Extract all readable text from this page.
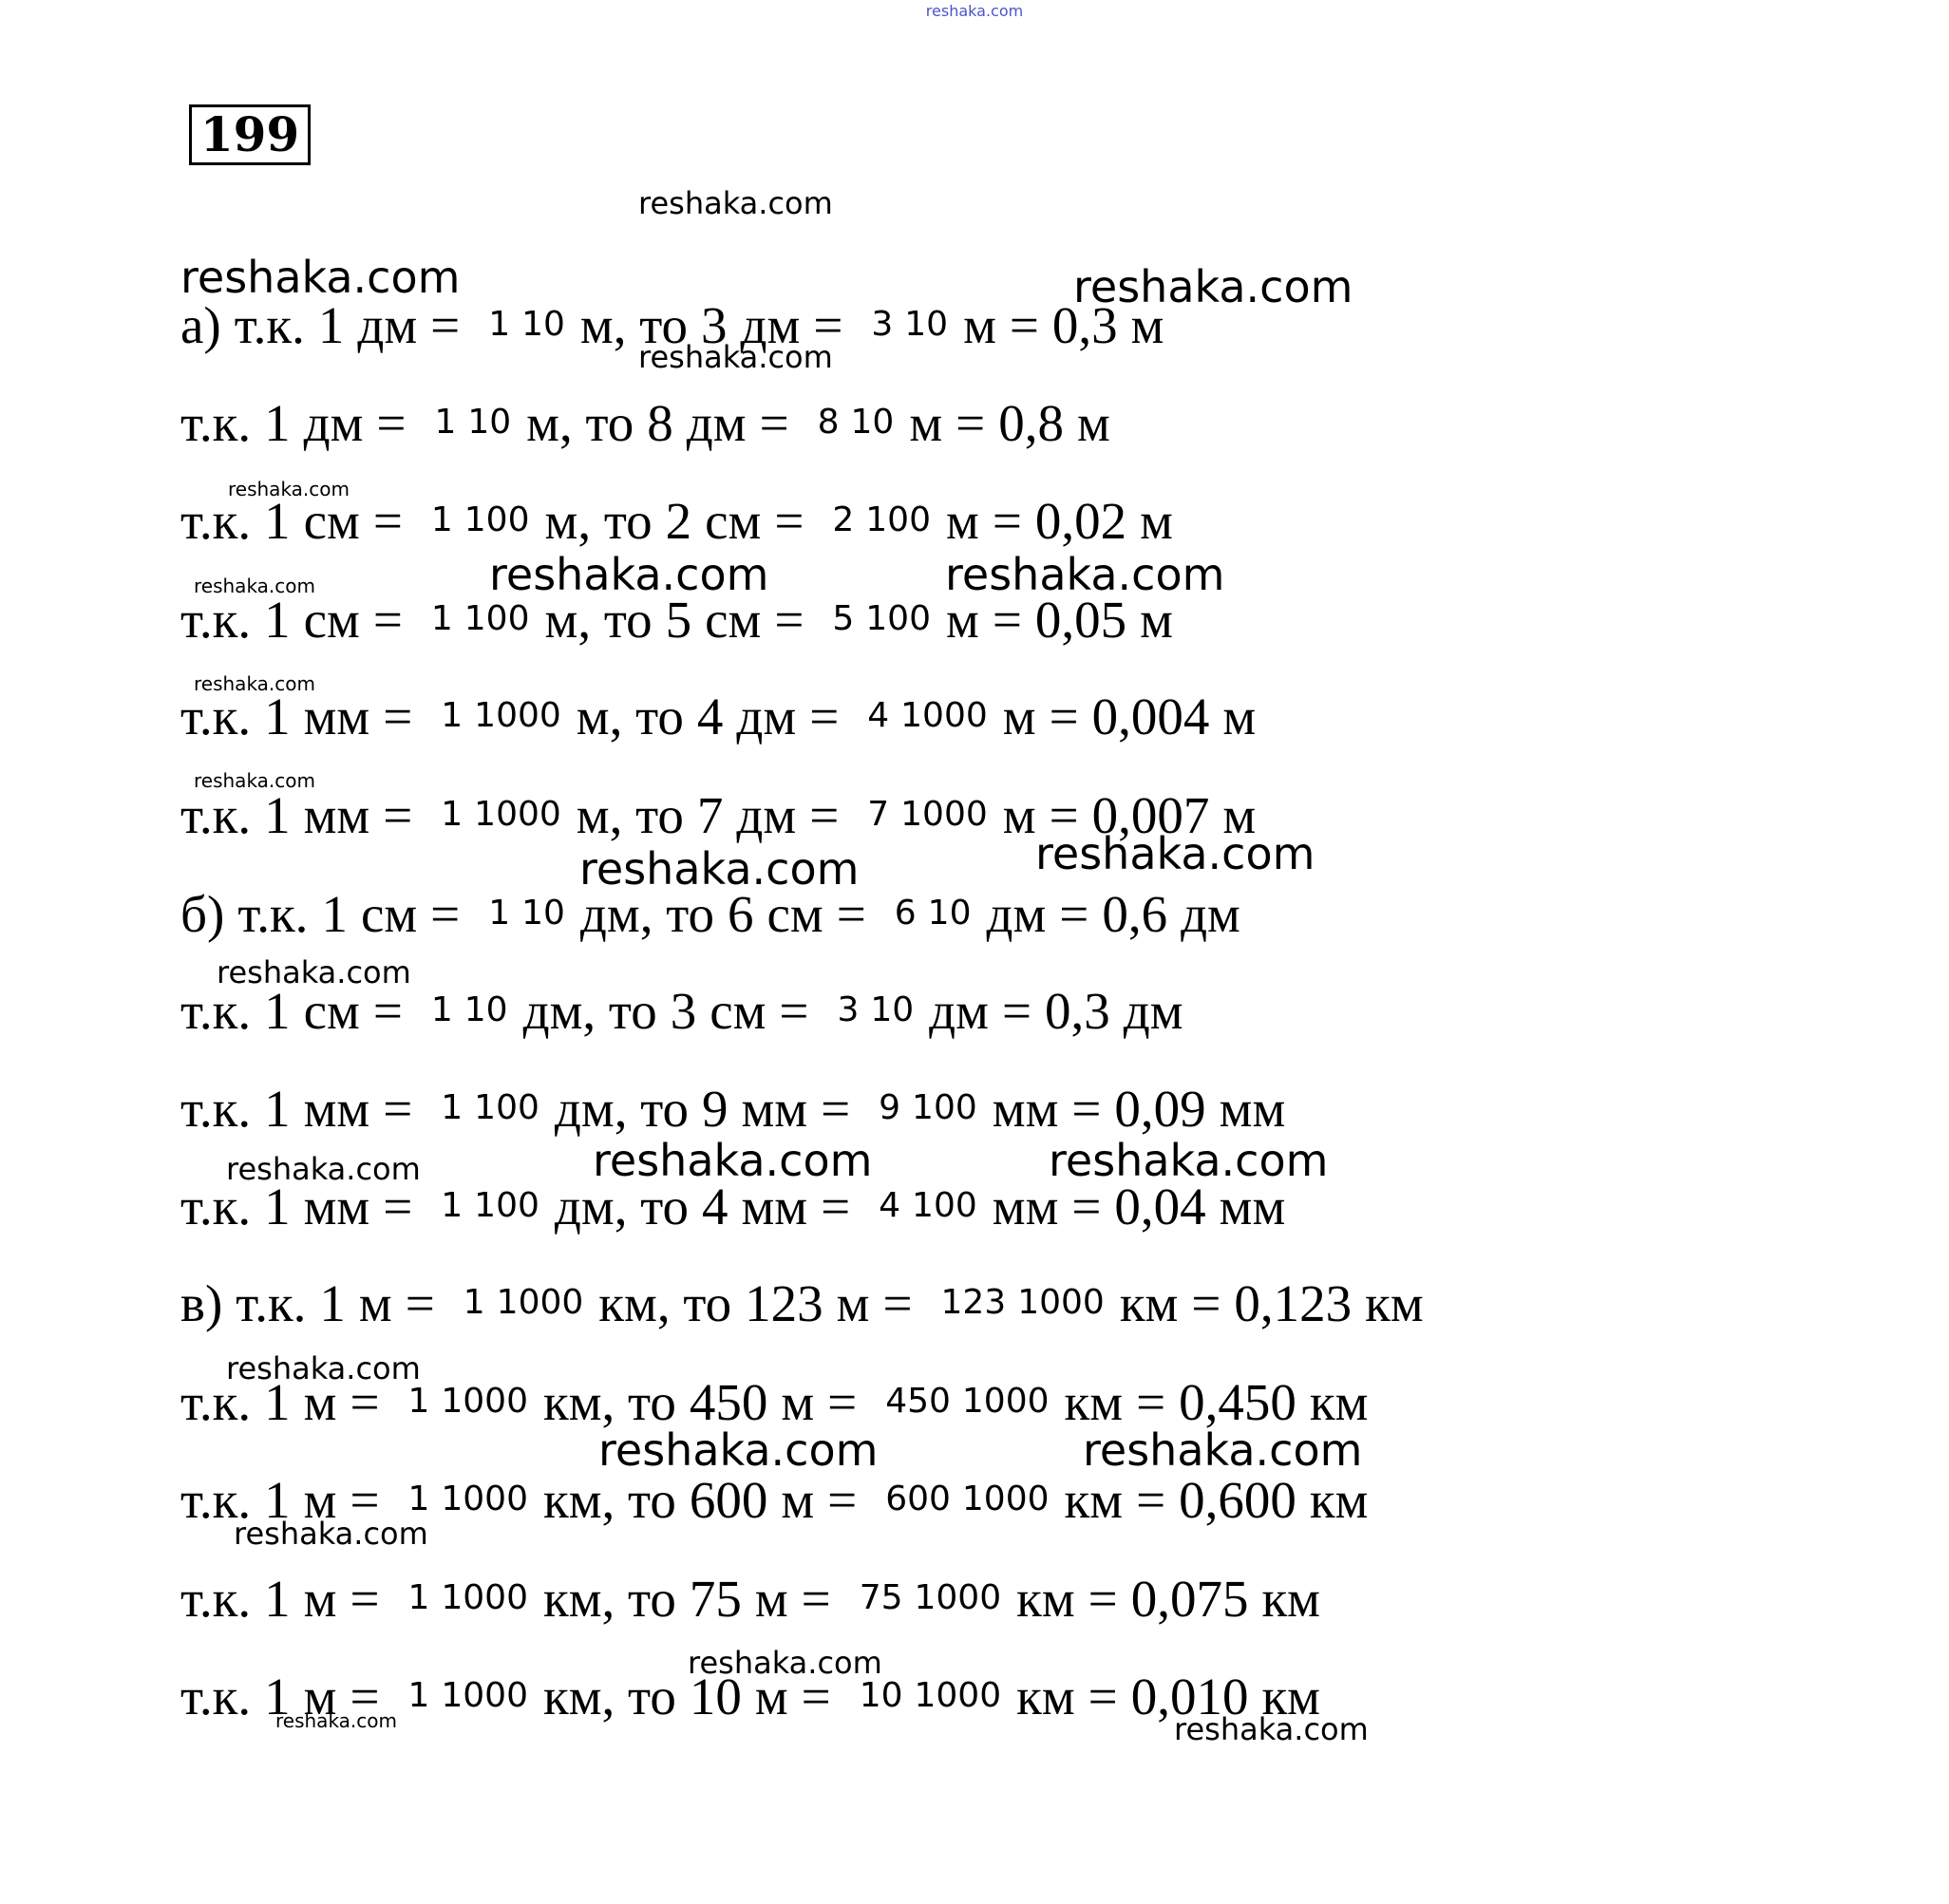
reshaka.com
199
а) т.к. 1 дм = 1 10 м , то 3 дм = 3 10 м = 0,3 м
т.к. 1 дм = 1 10 м , то 8 дм = 8 10 м = 0,8 м
т.к. 1 см = 1 100 м , то 2 см = 2 100 м = 0,02 м
т.к. 1 см = 1 100 м , то 5 см = 5 100 м = 0,05 м
т.к. 1 мм = 1 1000 м , то 4 дм = 4 1000 м = 0,004 м
т.к. 1 мм = 1 1000 м , то 7 дм = 7 1000 м = 0,007 м
б) т.к. 1 см = 1 10 дм , то 6 см = 6 10 дм = 0,6 дм
т.к. 1 см = 1 10 дм , то 3 см = 3 10 дм = 0,3 дм
т.к. 1 мм = 1 100 дм , то 9 мм = 9 100 мм = 0,09 мм
т.к. 1 мм = 1 100 дм , то 4 мм = 4 100 мм = 0,04 мм
в) т.к. 1 м = 1 1000 км , то 123 м = 123 1000 км = 0,123 км
т.к. 1 м = 1 1000 км , то 450 м = 450 1000 км = 0,450 км
т.к. 1 м = 1 1000 км , то 600 м = 600 1000 км = 0,600 км
т.к. 1 м = 1 1000 км , то 75 м = 75 1000 км = 0,075 км
т.к. 1 м = 1 1000 км , то 10 м = 10 1000 км = 0,010 км
reshaka.com
reshaka.com	reshaka.com
reshaka.com
reshaka.com
reshaka.com	reshaka.com	reshaka.com
reshaka.com
reshaka.com
reshaka.com	reshaka.com
reshaka.com
reshaka.com	reshaka.com
reshaka.com
reshaka.com
reshaka.com	reshaka.com
reshaka.com
reshaka.com
reshaka.com	reshaka.com
